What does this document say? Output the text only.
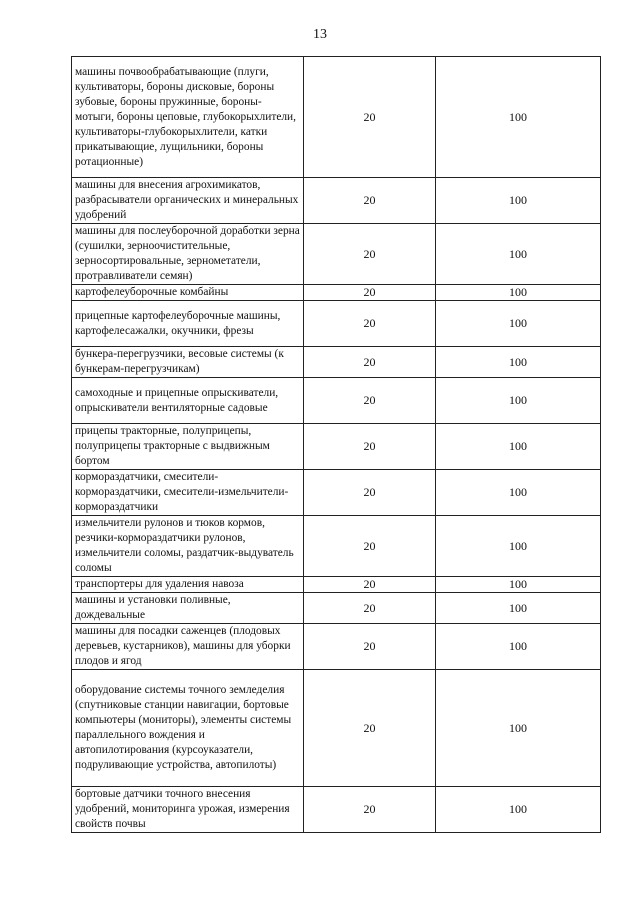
13
машины почвообрабатывающие (плуги, культиваторы, бороны дисковые, бороны зубовые, бороны пружинные, бороны-мотыги, бороны цеповые, глубокорыхлители, культиваторы-глубокорыхлители, катки прикатывающие, лущильники, бороны ротационные)	20	100
машины для внесения агрохимикатов, разбрасыватели органических и минеральных удобрений	20	100
машины для послеуборочной доработки зерна (сушилки, зерноочистительные, зерносортировальные, зернометатели, протравливатели семян)	20	100
картофелеуборочные комбайны	20	100
прицепные картофелеуборочные машины, картофелесажалки, окучники, фрезы	20	100
бункера-перегрузчики, весовые системы (к бункерам-перегрузчикам)	20	100
самоходные и прицепные опрыскиватели, опрыскиватели вентиляторные садовые	20	100
прицепы тракторные, полуприцепы, полуприцепы тракторные с выдвижным бортом	20	100
кормораздатчики, смесители-кормораздатчики, смесители-измельчители-кормораздатчики	20	100
измельчители рулонов и тюков кормов, резчики-кормораздатчики рулонов, измельчители соломы, раздатчик-выдуватель соломы	20	100
транспортеры для удаления навоза	20	100
машины и установки поливные, дождевальные	20	100
машины для посадки саженцев (плодовых деревьев, кустарников), машины для уборки плодов и ягод	20	100
оборудование системы точного земледелия (спутниковые станции навигации, бортовые компьютеры (мониторы), элементы системы параллельного вождения и автопилотирования (курсоуказатели, подруливающие устройства, автопилоты)	20	100
бортовые датчики точного внесения удобрений, мониторинга урожая, измерения свойств почвы	20	100
